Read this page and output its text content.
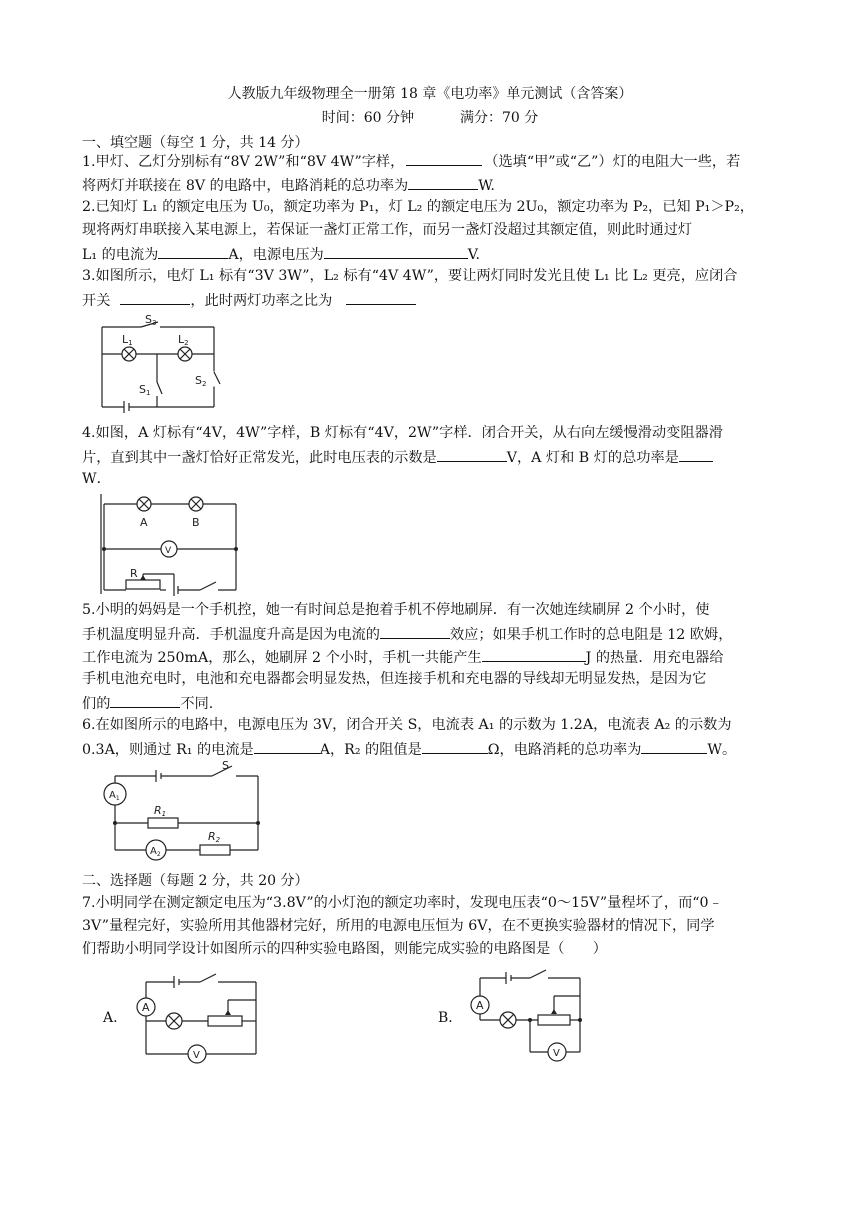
人教版九年级物理全一册第 18 章《电功率》单元测试（含答案）
时间：60 分钟	满分：70 分
一、填空题（每空 1 分，共 14 分）
1.甲灯、乙灯分别标有“8V 2W”和“8V 4W”字样，	（选填“甲”或“乙”）灯的电阻大一些，若
将两灯并联接在 8V 的电路中，电路消耗的总功率为	W.
2.已知灯 L₁ 的额定电压为 U₀，额定功率为 P₁，灯 L₂ 的额定电压为 2U₀，额定功率为 P₂，已知 P₁＞P₂，
现将两灯串联接入某电源上，若保证一盏灯正常工作，而另一盏灯没超过其额定值，则此时通过灯
L₁ 的电流为	A，电源电压为	V.
3.如图所示，电灯 L₁ 标有“3V 3W”，L₂ 标有“4V 4W”，要让两灯同时发光且使 L₁ 比 L₂ 更亮，应闭合
开关	，此时两灯功率之比为
S3
L1	L2
S1
S2
4.如图，A 灯标有“4V，4W”字样，B 灯标有“4V，2W”字样．闭合开关，从右向左缓慢滑动变阻器滑
片，直到其中一盏灯恰好正常发光，此时电压表的示数是	V，A 灯和 B 灯的总功率是
W．
A	B
V
R
5.小明的妈妈是一个手机控，她一有时间总是抱着手机不停地刷屏．有一次她连续刷屏 2 个小时，使
手机温度明显升高．手机温度升高是因为电流的	效应；如果手机工作时的总电阻是 12 欧姆，
工作电流为 250mA，那么，她刷屏 2 个小时，手机一共能产生	J 的热量．用充电器给
手机电池充电时，电池和充电器都会明显发热，但连接手机和充电器的导线却无明显发热，是因为它
们的	不同.
6.在如图所示的电路中，电源电压为 3V，闭合开关 S，电流表 A₁ 的示数为 1.2A，电流表 A₂ 的示数为
0.3A，则通过 R₁ 的电流是	A，R₂ 的阻值是	Ω，电路消耗的总功率为	W。
$A_1$
S
R1
R2
$A_2$
二、选择题（每题 2 分，共 20 分）
7.小明同学在测定额定电压为“3.8V”的小灯泡的额定功率时，发现电压表“0～15V”量程坏了，而“0﹣
3V”量程完好，实验所用其他器材完好，所用的电源电压恒为 6V，在不更换实验器材的情况下，同学
们帮助小明同学设计如图所示的四种实验电路图，则能完成实验的电路图是（　　）
A.
A
V
B.
A
V
